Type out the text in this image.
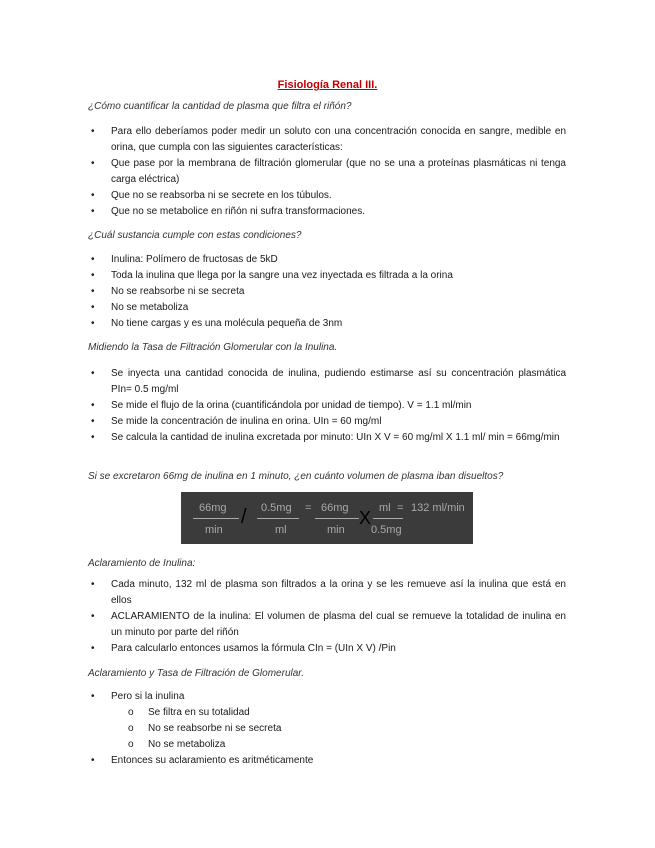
Fisiología Renal III.
¿Cómo cuantificar la cantidad de plasma que filtra el riñón?
• Para ello deberíamos poder medir un soluto con una concentración conocida en sangre, medible en orina, que cumpla con las siguientes características:
• Que pase por la membrana de filtración glomerular (que no se una a proteínas plasmáticas ni tenga carga eléctrica)
• Que no se reabsorba ni se secrete en los túbulos.
• Que no se metabolice en riñón ni sufra transformaciones.
¿Cuál sustancia cumple con estas condiciones?
• Inulina: Polímero de fructosas de 5kD
• Toda la inulina que llega por la sangre una vez inyectada es filtrada a la orina
• No se reabsorbe ni se secreta
• No se metaboliza
• No tiene cargas y es una molécula pequeña de 3nm
Midiendo la Tasa de Filtración Glomerular con la Inulina.
• Se inyecta una cantidad conocida de inulina, pudiendo estimarse así su concentración plasmática PIn= 0.5 mg/ml
• Se mide el flujo de la orina (cuantificándola por unidad de tiempo). V = 1.1 ml/min
• Se mide la concentración de inulina en orina. UIn = 60 mg/ml
• Se calcula la cantidad de inulina excretada por minuto: UIn X V = 60 mg/ml X 1.1 ml/ min = 66mg/min
Si se excretaron 66mg de inulina en 1 minuto, ¿en cuánto volumen de plasma iban disueltos?
66mg
min
/ 0.5mg
ml
= 66mg
min
X ml
0.5mg
= 132 ml/min
Aclaramiento de Inulina:
• Cada minuto, 132 ml de plasma son filtrados a la orina y se les remueve así la inulina que está en ellos
• ACLARAMIENTO de la inulina: El volumen de plasma del cual se remueve la totalidad de inulina en un minuto por parte del riñón
• Para calcularlo entonces usamos la fórmula CIn = (UIn X V) /Pin
Aclaramiento y Tasa de Filtración de Glomerular.
• Pero si la inulina
o Se filtra en su totalidad
o No se reabsorbe ni se secreta
o No se metaboliza
• Entonces su aclaramiento es aritméticamente
